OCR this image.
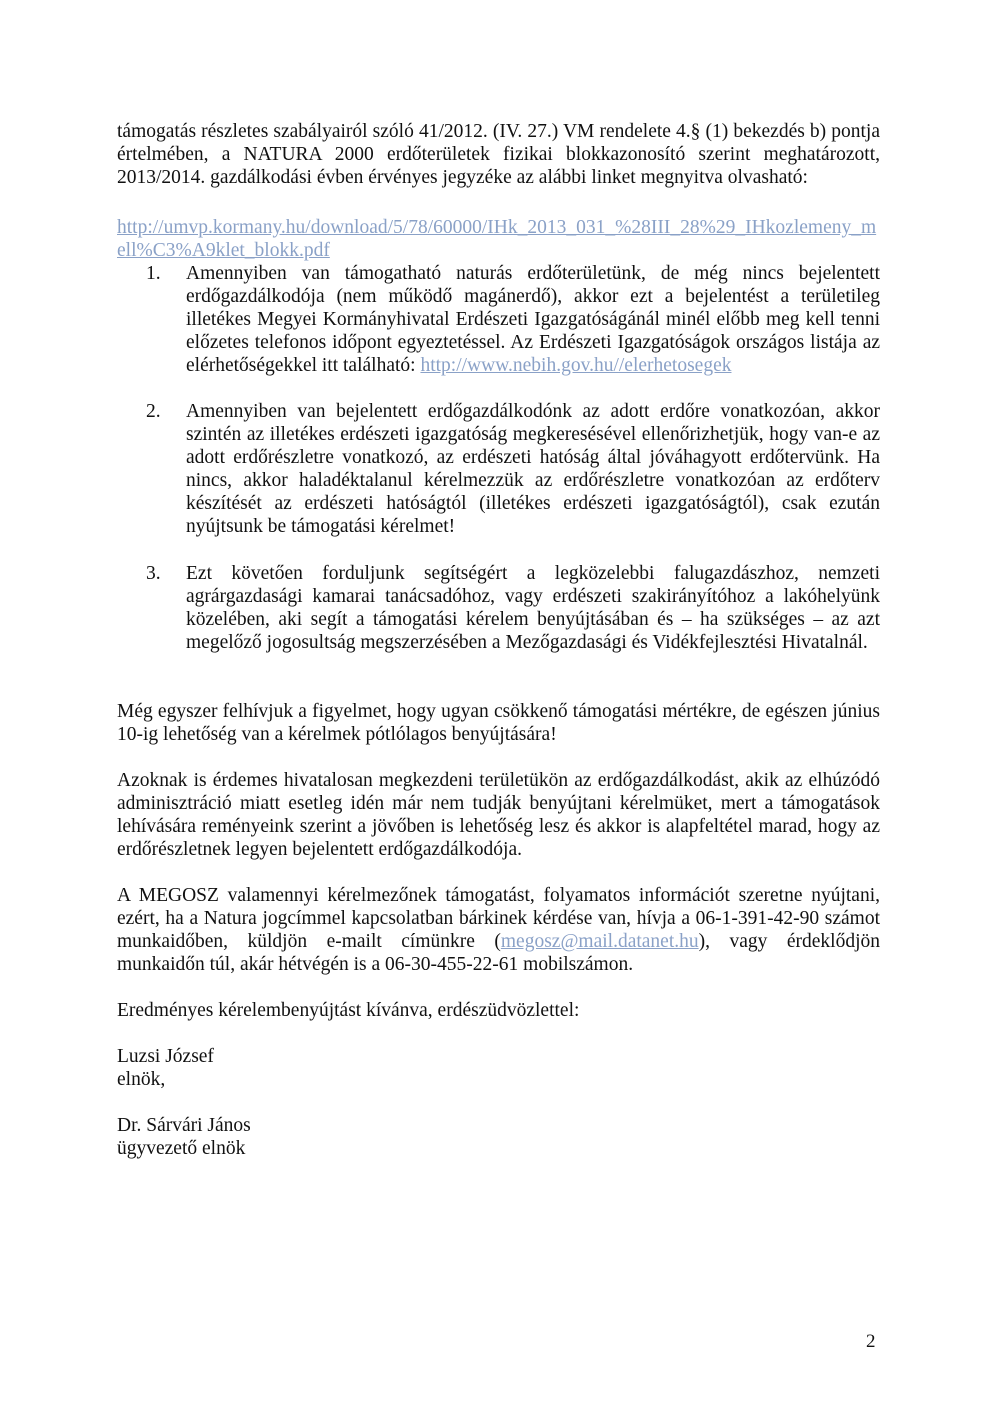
támogatás részletes szabályairól szóló 41/2012. (IV. 27.) VM rendelete 4.§ (1) bekezdés b) pontja értelmében, a NATURA 2000 erdőterületek fizikai blokkazonosító szerint meghatározott, 2013/2014. gazdálkodási évben érvényes jegyzéke az alábbi linket megnyitva olvasható:
http://umvp.kormany.hu/download/5/78/60000/IHk_2013_031_%28III_28%29_IHkozlemeny_mell%C3%A9klet_blokk.pdf
1.	Amennyiben van támogatható naturás erdőterületünk, de még nincs bejelentett erdőgazdálkodója (nem működő magánerdő), akkor ezt a bejelentést a területileg illetékes Megyei Kormányhivatal Erdészeti Igazgatóságánál minél előbb meg kell tenni előzetes telefonos időpont egyeztetéssel. Az Erdészeti Igazgatóságok országos listája az elérhetőségekkel itt található: http://www.nebih.gov.hu//elerhetosegek
2.	Amennyiben van bejelentett erdőgazdálkodónk az adott erdőre vonatkozóan, akkor szintén az illetékes erdészeti igazgatóság megkeresésével ellenőrizhetjük, hogy van-e az adott erdőrészletre vonatkozó, az erdészeti hatóság által jóváhagyott erdőtervünk. Ha nincs, akkor haladéktalanul kérelmezzük az erdőrészletre vonatkozóan az erdőterv készítését az erdészeti hatóságtól (illetékes erdészeti igazgatóságtól), csak ezután nyújtsunk be támogatási kérelmet!
3.	Ezt követően forduljunk segítségért a legközelebbi falugazdászhoz, nemzeti agrárgazdasági kamarai tanácsadóhoz, vagy erdészeti szakirányítóhoz a lakóhelyünk közelében, aki segít a támogatási kérelem benyújtásában és – ha szükséges – az azt megelőző jogosultság megszerzésében a Mezőgazdasági és Vidékfejlesztési Hivatalnál.
Még egyszer felhívjuk a figyelmet, hogy ugyan csökkenő támogatási mértékre, de egészen június 10-ig lehetőség van a kérelmek pótlólagos benyújtására!
Azoknak is érdemes hivatalosan megkezdeni területükön az erdőgazdálkodást, akik az elhúzódó adminisztráció miatt esetleg idén már nem tudják benyújtani kérelmüket, mert a támogatások lehívására reményeink szerint a jövőben is lehetőség lesz és akkor is alapfeltétel marad, hogy az erdőrészletnek legyen bejelentett erdőgazdálkodója.
A MEGOSZ valamennyi kérelmezőnek támogatást, folyamatos információt szeretne nyújtani, ezért, ha a Natura jogcímmel kapcsolatban bárkinek kérdése van, hívja a 06-1-391-42-90 számot munkaidőben, küldjön e-mailt címünkre (megosz@mail.datanet.hu), vagy érdeklődjön munkaidőn túl, akár hétvégén is a 06-30-455-22-61 mobilszámon.
Eredményes kérelembenyújtást kívánva, erdészüdvözlettel:
Luzsi József
elnök,
Dr. Sárvári János
ügyvezető elnök
2
